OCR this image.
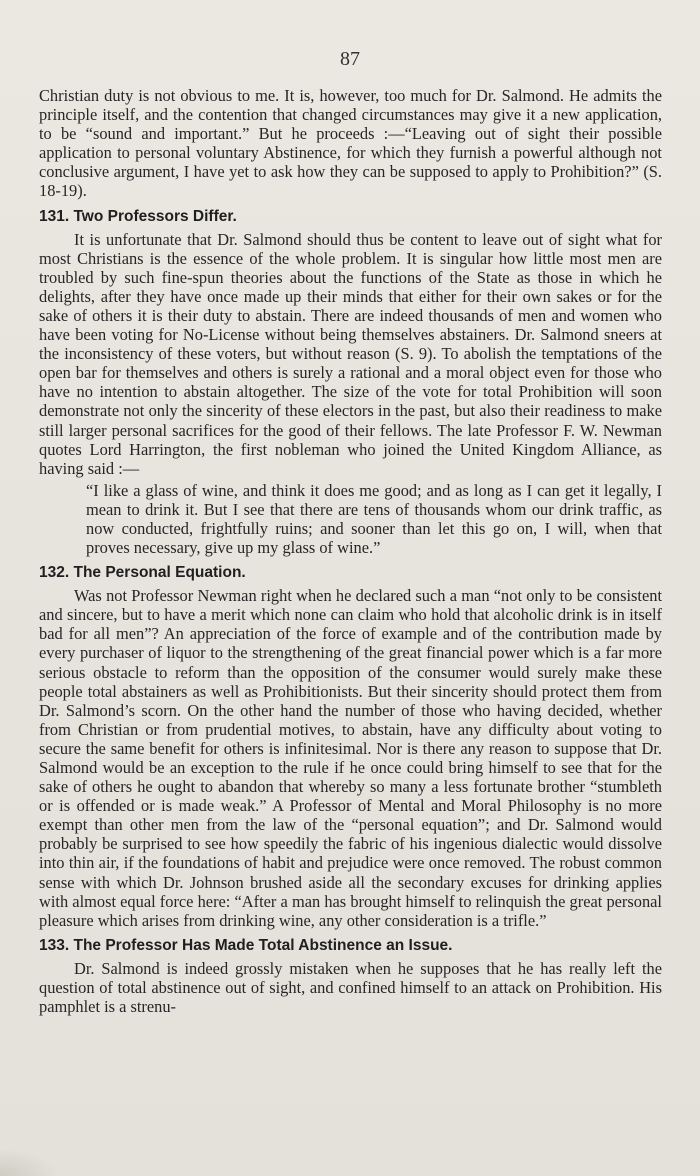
87

Christian duty is not obvious to me. It is, however, too much for Dr. Salmond. He admits the principle itself, and the contention that changed circumstances may give it a new application, to be “sound and important.” But he proceeds :—“Leaving out of sight their possible application to personal voluntary Abstinence, for which they furnish a powerful although not conclusive argument, I have yet to ask how they can be supposed to apply to Prohibition?” (S. 18-19).

131. Two Professors Differ.

It is unfortunate that Dr. Salmond should thus be content to leave out of sight what for most Christians is the essence of the whole problem. It is singular how little most men are troubled by such fine-spun theories about the functions of the State as those in which he delights, after they have once made up their minds that either for their own sakes or for the sake of others it is their duty to abstain. There are indeed thousands of men and women who have been voting for No-License without being themselves abstainers. Dr. Salmond sneers at the inconsistency of these voters, but without reason (S. 9). To abolish the temptations of the open bar for themselves and others is surely a rational and a moral object even for those who have no intention to abstain altogether. The size of the vote for total Prohibition will soon demonstrate not only the sincerity of these electors in the past, but also their readiness to make still larger personal sacrifices for the good of their fellows. The late Professor F. W. Newman quotes Lord Harrington, the first nobleman who joined the United Kingdom Alliance, as having said :—

“I like a glass of wine, and think it does me good; and as long as I can get it legally, I mean to drink it. But I see that there are tens of thousands whom our drink traffic, as now conducted, frightfully ruins; and sooner than let this go on, I will, when that proves necessary, give up my glass of wine.”

132. The Personal Equation.

Was not Professor Newman right when he declared such a man “not only to be consistent and sincere, but to have a merit which none can claim who hold that alcoholic drink is in itself bad for all men”? An appreciation of the force of example and of the contribution made by every purchaser of liquor to the strengthening of the great financial power which is a far more serious obstacle to reform than the opposition of the consumer would surely make these people total abstainers as well as Prohibitionists. But their sincerity should protect them from Dr. Salmond’s scorn. On the other hand the number of those who having decided, whether from Christian or from prudential motives, to abstain, have any difficulty about voting to secure the same benefit for others is infinitesimal. Nor is there any reason to suppose that Dr. Salmond would be an exception to the rule if he once could bring himself to see that for the sake of others he ought to abandon that whereby so many a less fortunate brother “stumbleth or is offended or is made weak.” A Professor of Mental and Moral Philosophy is no more exempt than other men from the law of the “personal equation”; and Dr. Salmond would probably be surprised to see how speedily the fabric of his ingenious dialectic would dissolve into thin air, if the foundations of habit and prejudice were once removed. The robust common sense with which Dr. Johnson brushed aside all the secondary excuses for drinking applies with almost equal force here: “After a man has brought himself to relinquish the great personal pleasure which arises from drinking wine, any other consideration is a trifle.”

133. The Professor Has Made Total Abstinence an Issue.

Dr. Salmond is indeed grossly mistaken when he supposes that he has really left the question of total abstinence out of sight, and confined himself to an attack on Prohibition. His pamphlet is a strenu-
